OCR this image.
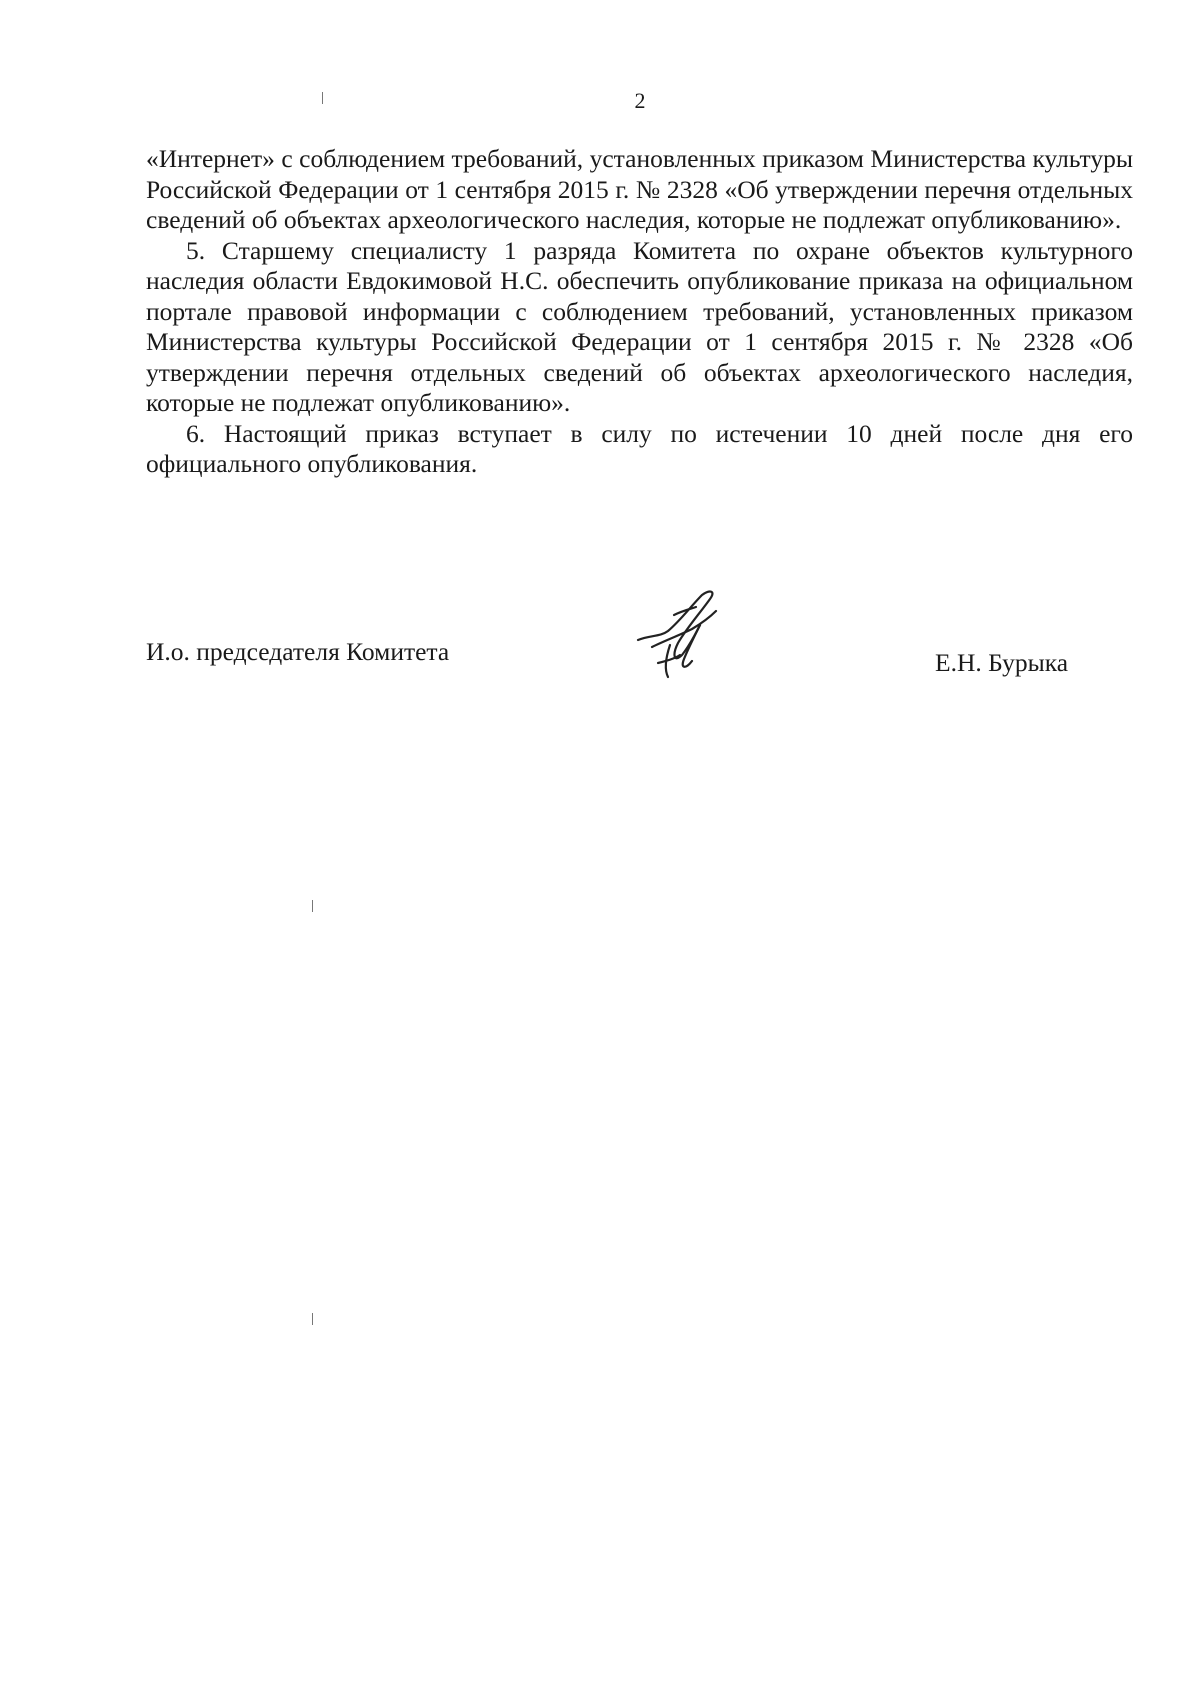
2

«Интернет» с соблюдением требований, установленных приказом Министерства культуры Российской Федерации от 1 сентября 2015 г. № 2328 «Об утверждении перечня отдельных сведений об объектах археологического наследия, которые не подлежат опубликованию».

5. Старшему специалисту 1 разряда Комитета по охране объектов культурного наследия области Евдокимовой Н.С. обеспечить опубликование приказа на официальном портале правовой информации с соблюдением требований, установленных приказом Министерства культуры Российской Федерации от 1 сентября 2015 г. № 2328 «Об утверждении перечня отдельных сведений об объектах археологического наследия, которые не подлежат опубликованию».

6. Настоящий приказ вступает в силу по истечении 10 дней после дня его официального опубликования.

И.о. председателя Комитета	Е.Н. Бурыка
